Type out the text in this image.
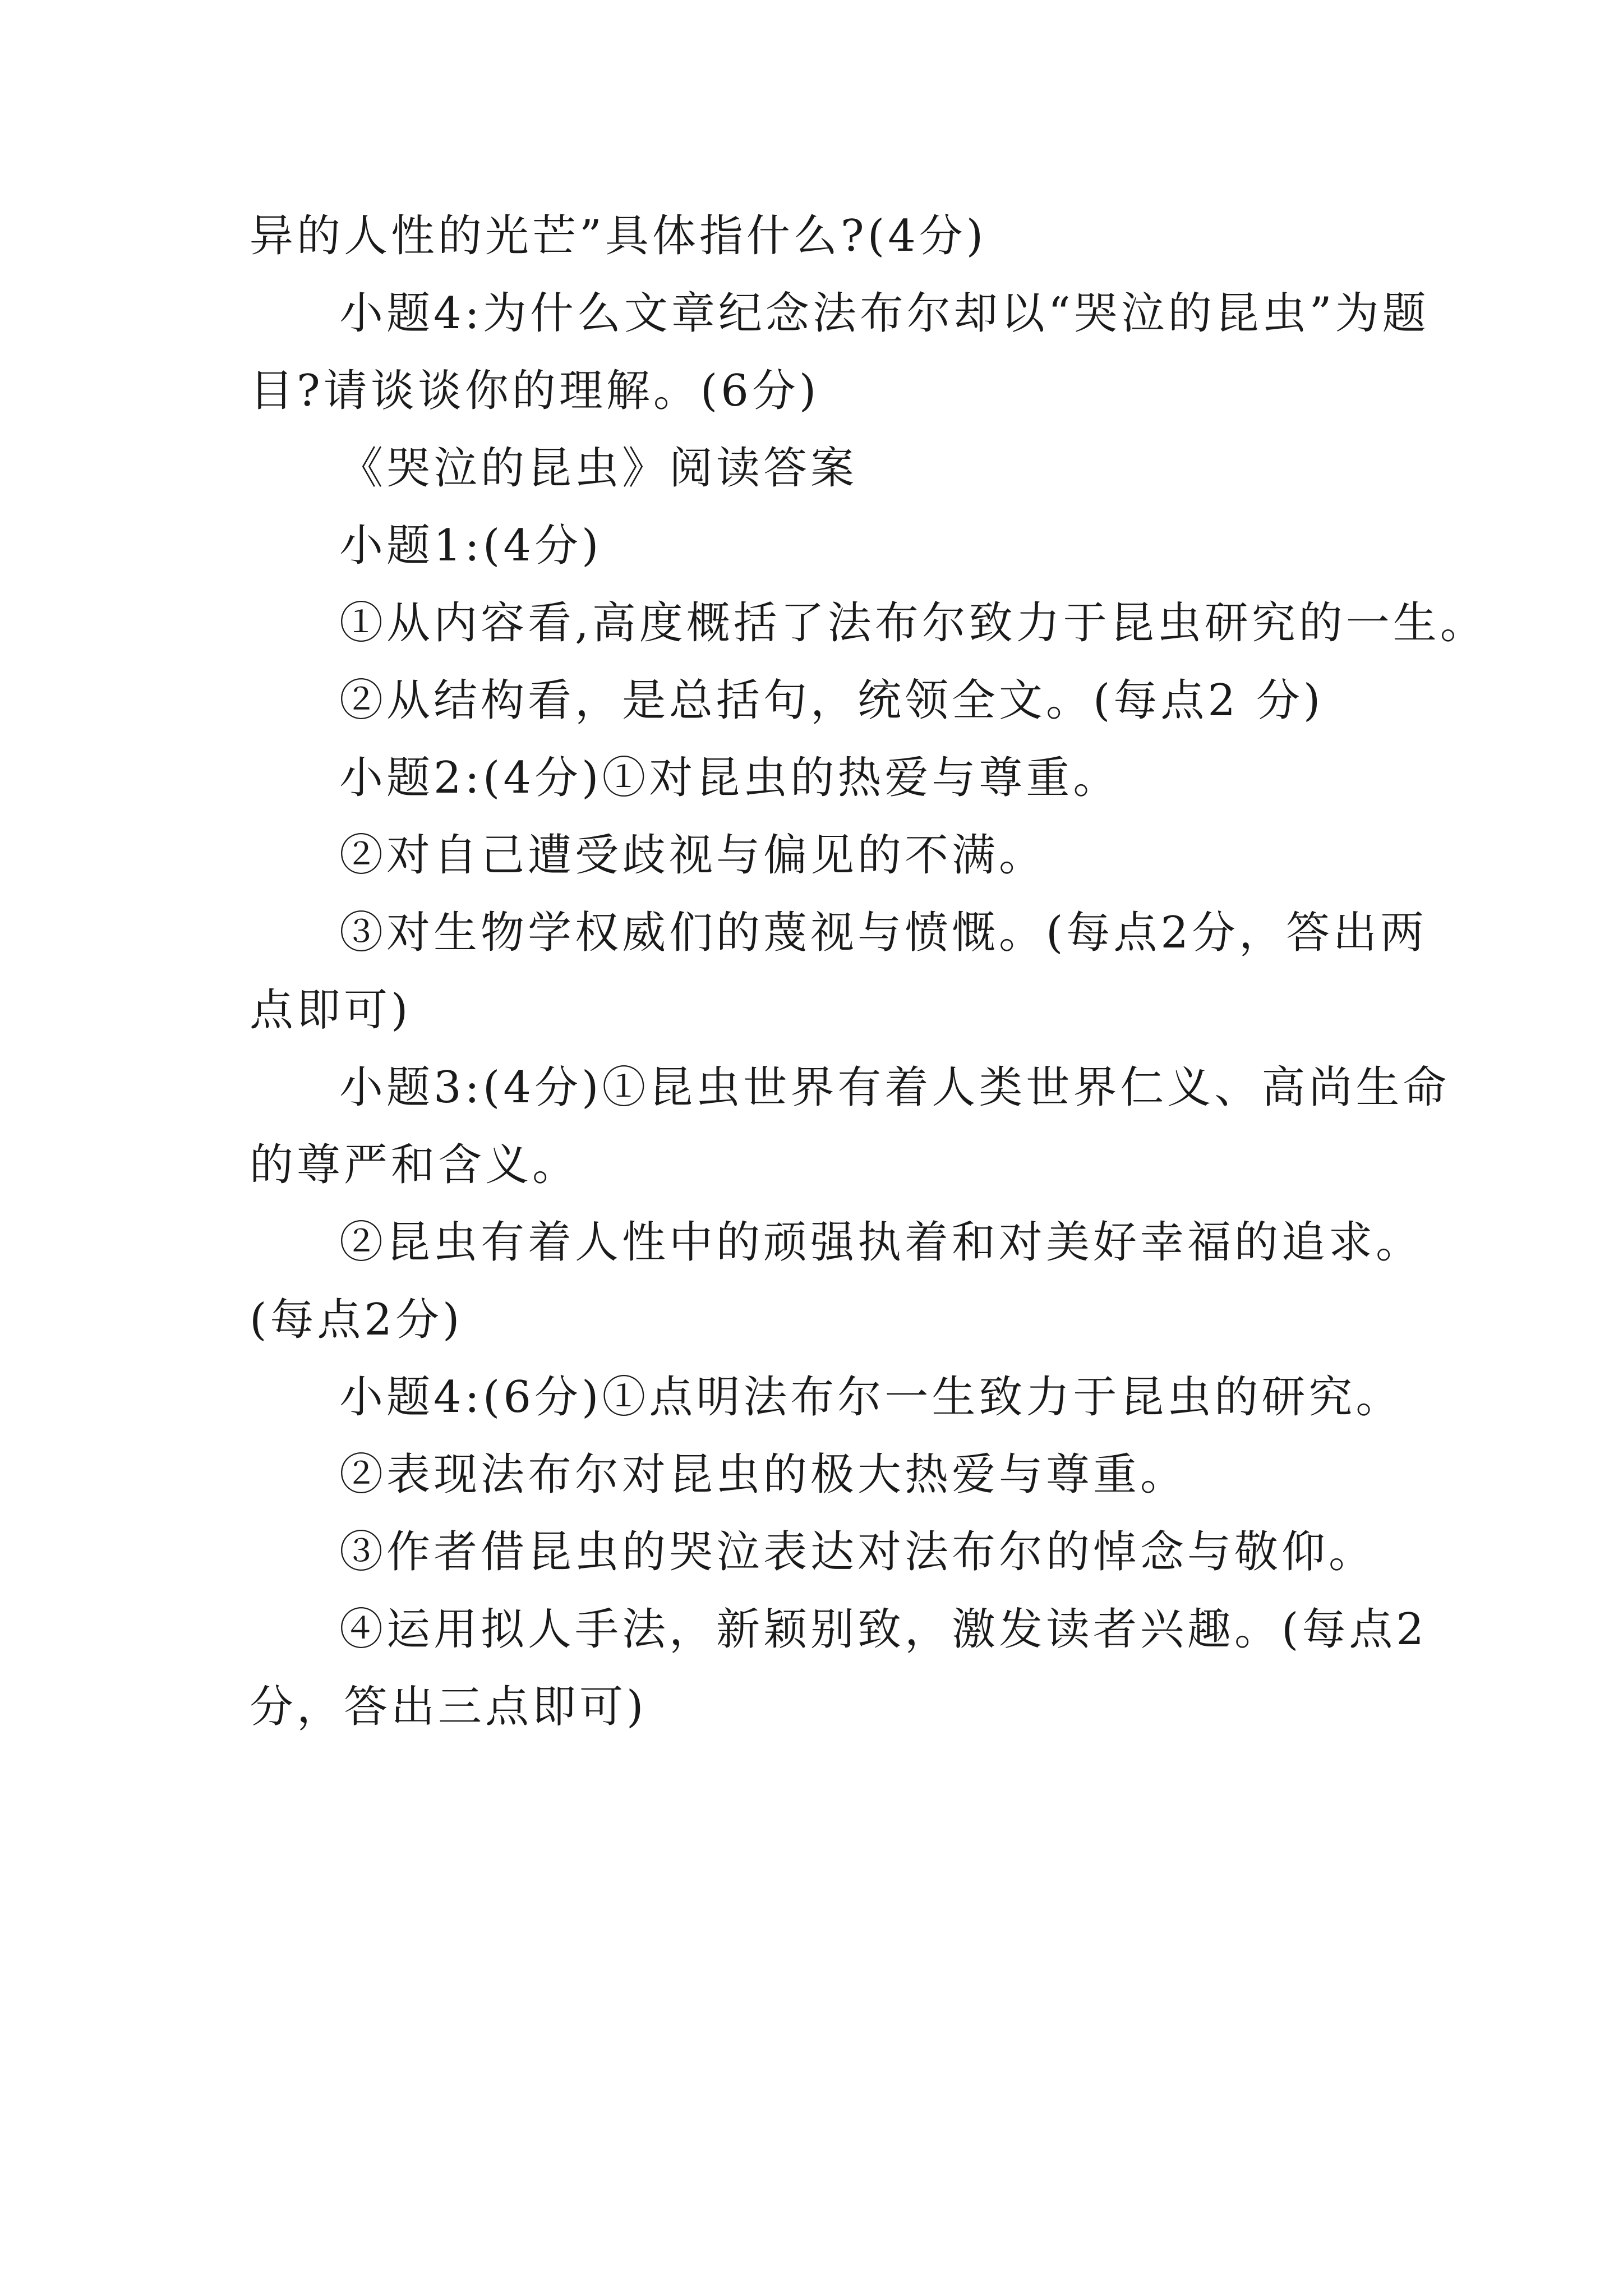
异的人性的光芒”具体指什么?(4分)
小题4:为什么文章纪念法布尔却以“哭泣的昆虫”为题
目?请谈谈你的理解。(6分)
《哭泣的昆虫》阅读答案
小题1:(4分)
①从内容看,高度概括了法布尔致力于昆虫研究的一生。
②从结构看，是总括句，统领全文。(每点2 分)
小题2:(4分)①对昆虫的热爱与尊重。
②对自己遭受歧视与偏见的不满。
③对生物学权威们的蔑视与愤慨。(每点2分，答出两
点即可)
小题3:(4分)①昆虫世界有着人类世界仁义、高尚生命
的尊严和含义。
②昆虫有着人性中的顽强执着和对美好幸福的追求。
(每点2分)
小题4:(6分)①点明法布尔一生致力于昆虫的研究。
②表现法布尔对昆虫的极大热爱与尊重。
③作者借昆虫的哭泣表达对法布尔的悼念与敬仰。
④运用拟人手法，新颖别致，激发读者兴趣。(每点2
分，答出三点即可)
